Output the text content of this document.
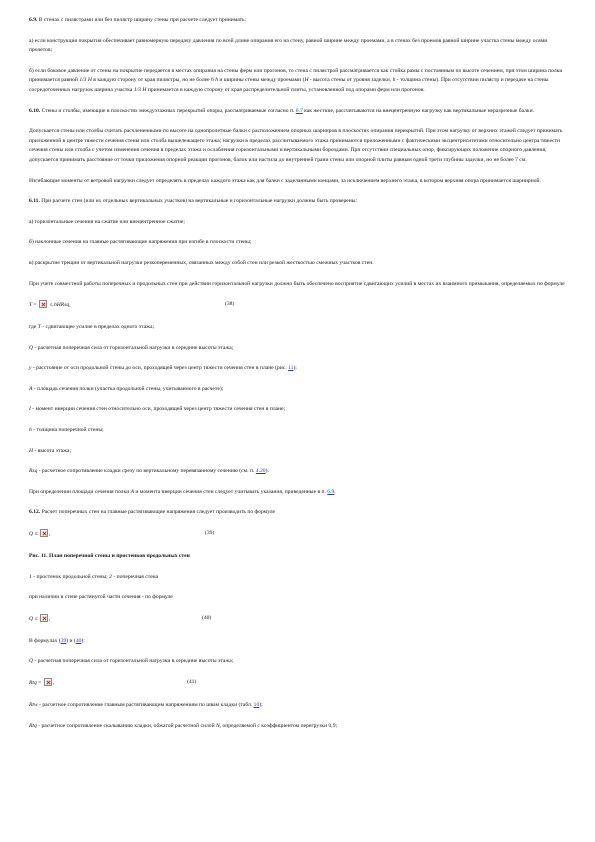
6.9. В стенах с пилястрами или без пилястр ширину стены при расчете следует принимать:
а) если конструкция покрытия обеспечивает равномерную передачу давления по всей длине опирания его на стену, равной ширине между проемами, а в стенах без проемов равной ширине участка стены между осями пролетов;
б) если боковое давление от стены на покрытие передается в местах опирания на стены ферм или прогонов, то стена с пилястрой рассматривается как стойка рамы с постоянным по высоте сечением, при этом ширина полки принимается равной 1/3 H в каждую сторону от края пилястры, но не более 6 h и ширины стены между проемами (H - высота стены от уровня заделки, h - толщина стены). При отсутствии пилястр и передаче на стены сосредоточенных нагрузок ширина участка 1/3 H принимается в каждую сторону от края распределительной плиты, установленной под опорами ферм или прогонов.
6.10. Стены и столбы, имеющие в плоскостях междуэтажных перекрытий опоры, рассматриваемые согласно п. 6.7 как жесткие, рассчитываются на внецентренную нагрузку как вертикальные неразрезные балки.
Допускается стены или столбы считать расчлененными по высоте на однопролетные балки с расположением опорных шарниров в плоскостях опирания перекрытий. При этом нагрузку от верхних этажей следует принимать приложенной в центре тяжести сечения стены или столба вышележащего этажа; нагрузки в пределах рассчитываемого этажа принимаются приложенными с фактическими эксцентриситетами относительно центра тяжести сечения стены или столба с учетом изменения сечения в пределах этажа и ослабления горизонтальными и вертикальными бороздами. При отсутствии специальных опор, фиксирующих положение опорного давления, допускается принимать расстояние от точки приложения опорной реакции прогонов, балок или настила до внутренней грани стены или опорной плиты равным одной трети глубины заделки, но не более 7 см.
Изгибающие моменты от ветровой нагрузки следует определять в пределах каждого этажа как для балки с заделанными концами, за исключением верхнего этажа, в котором верхняя опора принимается шарнирной.
6.11. При расчете стен (или их отдельных вертикальных участков) на вертикальные и горизонтальные нагрузки должны быть проверены:
а) горизонтальные сечения на сжатие или внецентренное сжатие;
б) наклонные сечения на главные растягивающие напряжения при изгибе в плоскости стены;
в) раскрытие трещин от вертикальной нагрузки резкопеременных, связанных между собой стен или резкой жесткостью смежных участков стен.
При учете совместной работы поперечных и продольных стен при действии горизонтальной нагрузки должно быть обеспечено восприятие сдвигающих усилий в местах их взаимного примыкания, определяемых по формуле
T =  ≤ hHRsq,	(38)
где T - сдвигающее усилие в пределах одного этажа;
Q - расчетная поперечная сила от горизонтальной нагрузки в середине высоты этажа;
y - расстояние от оси продольной стены до оси, проходящей через центр тяжести сечения стен в плане (рис. 11);
A - площадь сечения полки (участка продольной стены, учитываемого в расчете);
I - момент инерции сечения стен относительно оси, проходящей через центр тяжести сечения стен в плане;
h - толщина поперечной стены;
H - высота этажа;
Rsq - расчетное сопротивление кладки срезу по вертикальному перевязанному сечению (см. п. 4.20).
При определении площади сечения полки A и момента инерции сечения стен следует учитывать указания, приведенные в п. 6.9.
6.12. Расчет поперечных стен на главные растягивающие напряжения следует производить по формуле
Q ≤ ,	(39)
Рис. 11. План поперечной стены и простенков продольных стен
1 - простенок продольной стены; 2 - поперечная стена
при наличии в стене растянутой части сечения - по формуле
Q ≤ ,	(40)
В формулах (39) и (40):
Q - расчетная поперечная сила от горизонтальной нагрузки в середине высоты этажа;
Rtq = ,	(41)
Rtw - расчетное сопротивление главным растягивающим напряжениям по швам кладки (табл. 10);
Rtq - расчетное сопротивление скалыванию кладки, обжатой расчетной силой N, определяемой с коэффициентом перегрузки 0,9;
